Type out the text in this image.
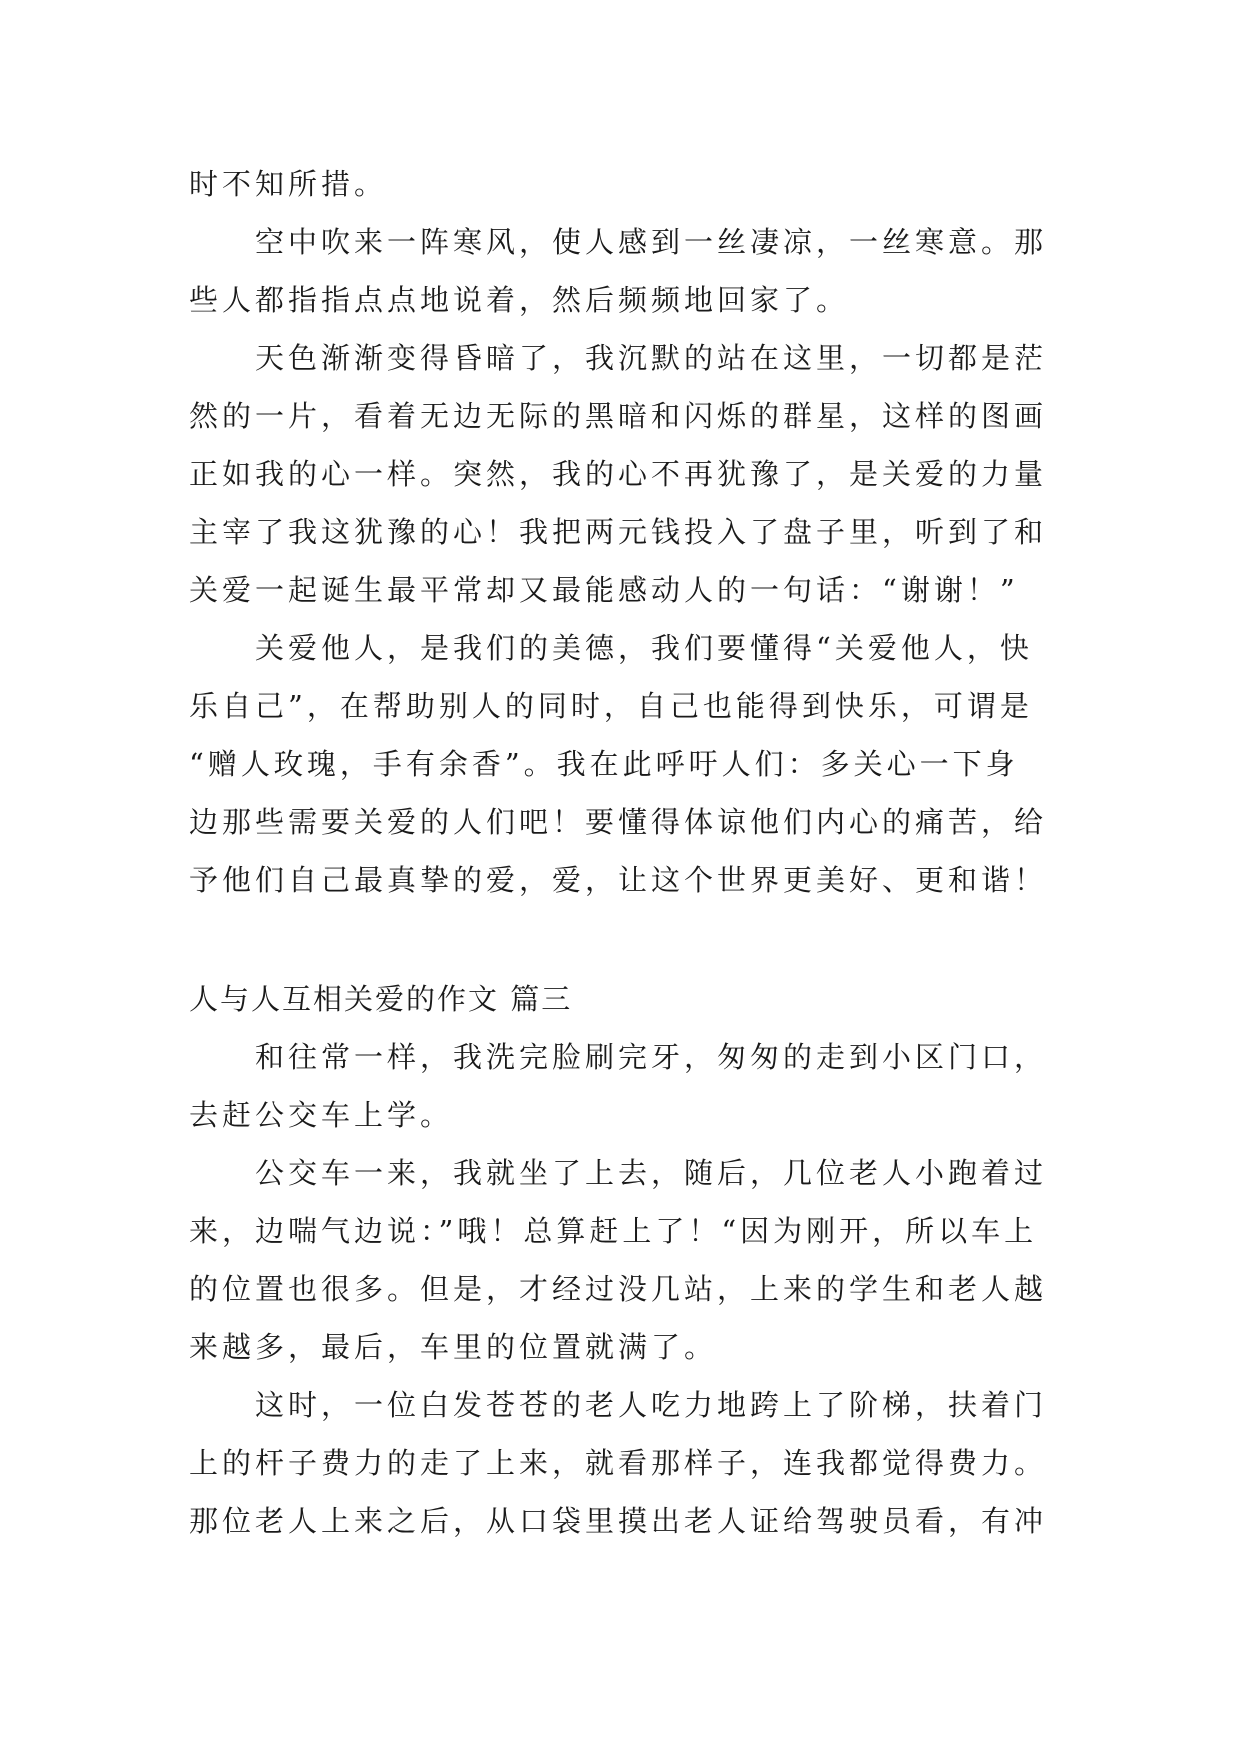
时不知所措。
空中吹来一阵寒风，使人感到一丝凄凉，一丝寒意。那
些人都指指点点地说着，然后频频地回家了。
天色渐渐变得昏暗了，我沉默的站在这里，一切都是茫
然的一片，看着无边无际的黑暗和闪烁的群星，这样的图画
正如我的心一样。突然，我的心不再犹豫了，是关爱的力量
主宰了我这犹豫的心！我把两元钱投入了盘子里，听到了和
关爱一起诞生最平常却又最能感动人的一句话：“谢谢！”
关爱他人，是我们的美德，我们要懂得“关爱他人，快
乐自己”，在帮助别人的同时，自己也能得到快乐，可谓是
“赠人玫瑰，手有余香”。我在此呼吁人们：多关心一下身
边那些需要关爱的人们吧！要懂得体谅他们内心的痛苦，给
予他们自己最真挚的爱，爱，让这个世界更美好、更和谐！
人与人互相关爱的作文 篇三
和往常一样，我洗完脸刷完牙，匆匆的走到小区门口，
去赶公交车上学。
公交车一来，我就坐了上去，随后，几位老人小跑着过
来，边喘气边说：”哦！总算赶上了！“因为刚开，所以车上
的位置也很多。但是，才经过没几站，上来的学生和老人越
来越多，最后，车里的位置就满了。
这时，一位白发苍苍的老人吃力地跨上了阶梯，扶着门
上的杆子费力的走了上来，就看那样子，连我都觉得费力。
那位老人上来之后，从口袋里摸出老人证给驾驶员看，有冲
